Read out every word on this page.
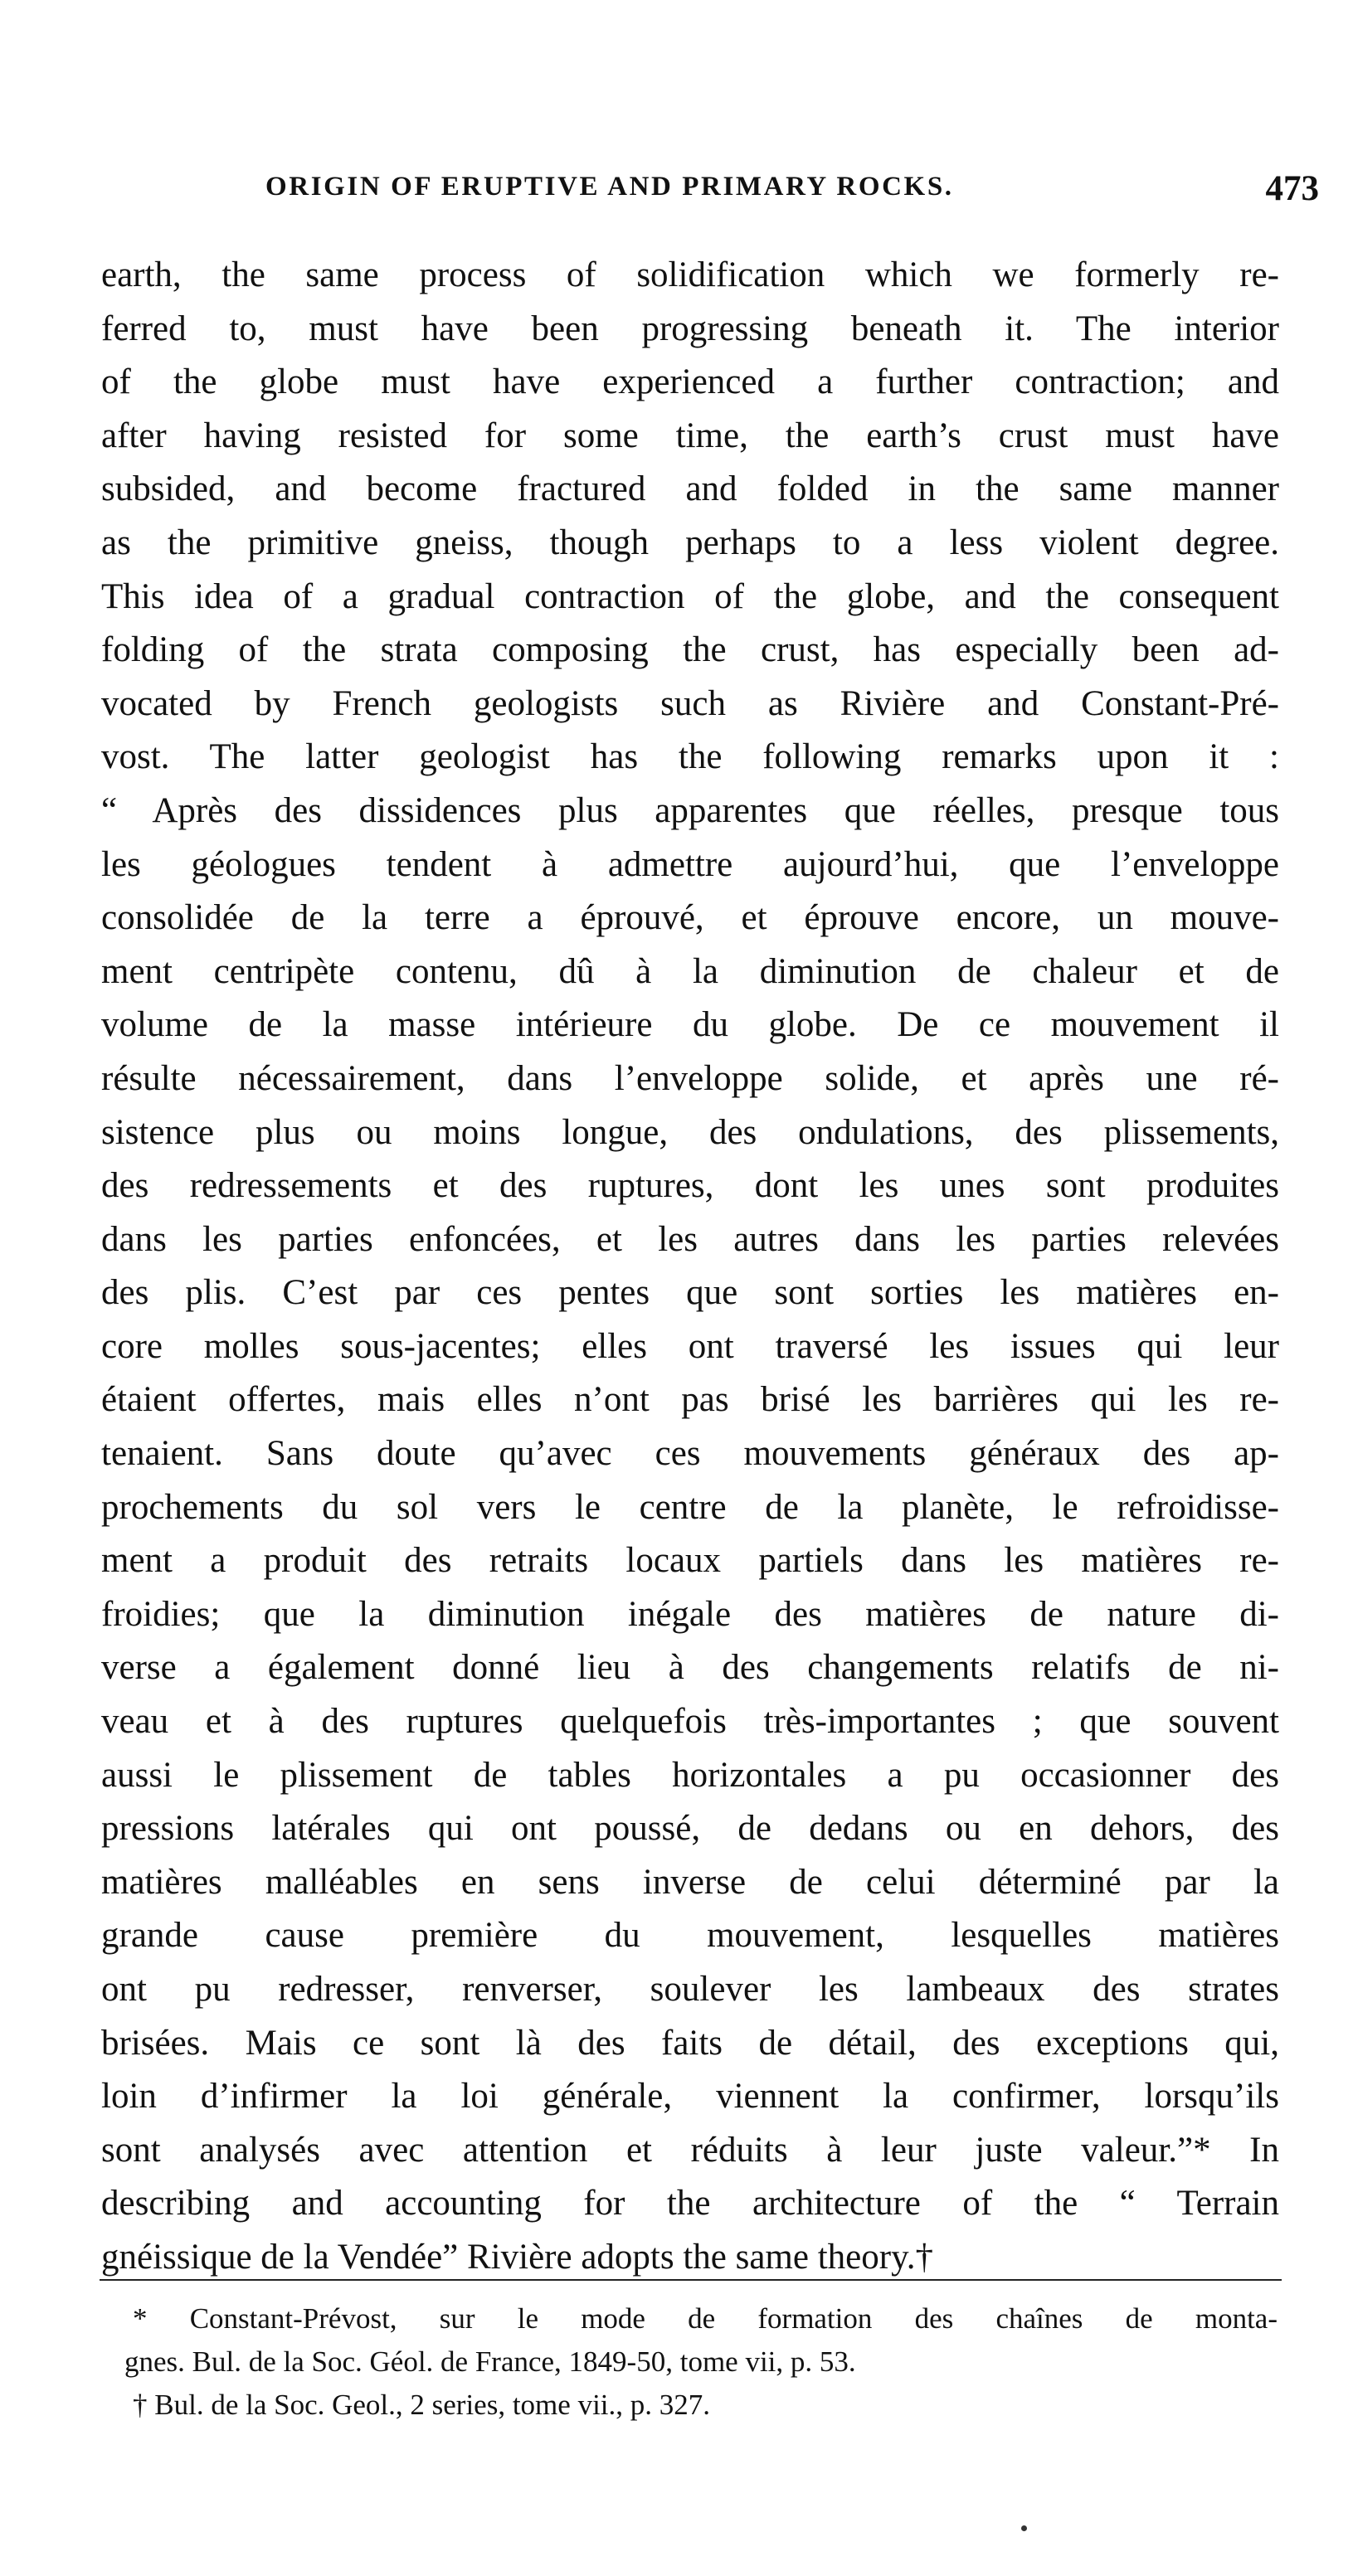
ORIGIN OF ERUPTIVE AND PRIMARY ROCKS.	473
earth, the same process of solidification which we formerly re-
ferred to, must have been progressing beneath it. The interior
of the globe must have experienced a further contraction; and
after having resisted for some time, the earth’s crust must have
subsided, and become fractured and folded in the same manner
as the primitive gneiss, though perhaps to a less violent degree.
This idea of a gradual contraction of the globe, and the consequent
folding of the strata composing the crust, has especially been ad-
vocated by French geologists such as Rivière and Constant-Pré-
vost. The latter geologist has the following remarks upon it :
“ Après des dissidences plus apparentes que réelles, presque tous
les géologues tendent à admettre aujourd’hui, que l’enveloppe
consolidée de la terre a éprouvé, et éprouve encore, un mouve-
ment centripète contenu, dû à la diminution de chaleur et de
volume de la masse intérieure du globe. De ce mouvement il
résulte nécessairement, dans l’enveloppe solide, et après une ré-
sistence plus ou moins longue, des ondulations, des plissements,
des redressements et des ruptures, dont les unes sont produites
dans les parties enfoncées, et les autres dans les parties relevées
des plis. C’est par ces pentes que sont sorties les matières en-
core molles sous-jacentes; elles ont traversé les issues qui leur
étaient offertes, mais elles n’ont pas brisé les barrières qui les re-
tenaient. Sans doute qu’avec ces mouvements généraux des ap-
prochements du sol vers le centre de la planète, le refroidisse-
ment a produit des retraits locaux partiels dans les matières re-
froidies; que la diminution inégale des matières de nature di-
verse a également donné lieu à des changements relatifs de ni-
veau et à des ruptures quelquefois très-importantes ; que souvent
aussi le plissement de tables horizontales a pu occasionner des
pressions latérales qui ont poussé, de dedans ou en dehors, des
matières malléables en sens inverse de celui déterminé par la
grande cause première du mouvement, lesquelles matières
ont pu redresser, renverser, soulever les lambeaux des strates
brisées. Mais ce sont là des faits de détail, des exceptions qui,
loin d’infirmer la loi générale, viennent la confirmer, lorsqu’ils
sont analysés avec attention et réduits à leur juste valeur.”* In
describing and accounting for the architecture of the “ Terrain
gnéissique de la Vendée” Rivière adopts the same theory.†
* Constant-Prévost, sur le mode de formation des chaînes de monta-
gnes. Bul. de la Soc. Géol. de France, 1849-50, tome vii, p. 53.
† Bul. de la Soc. Geol., 2 series, tome vii., p. 327.
